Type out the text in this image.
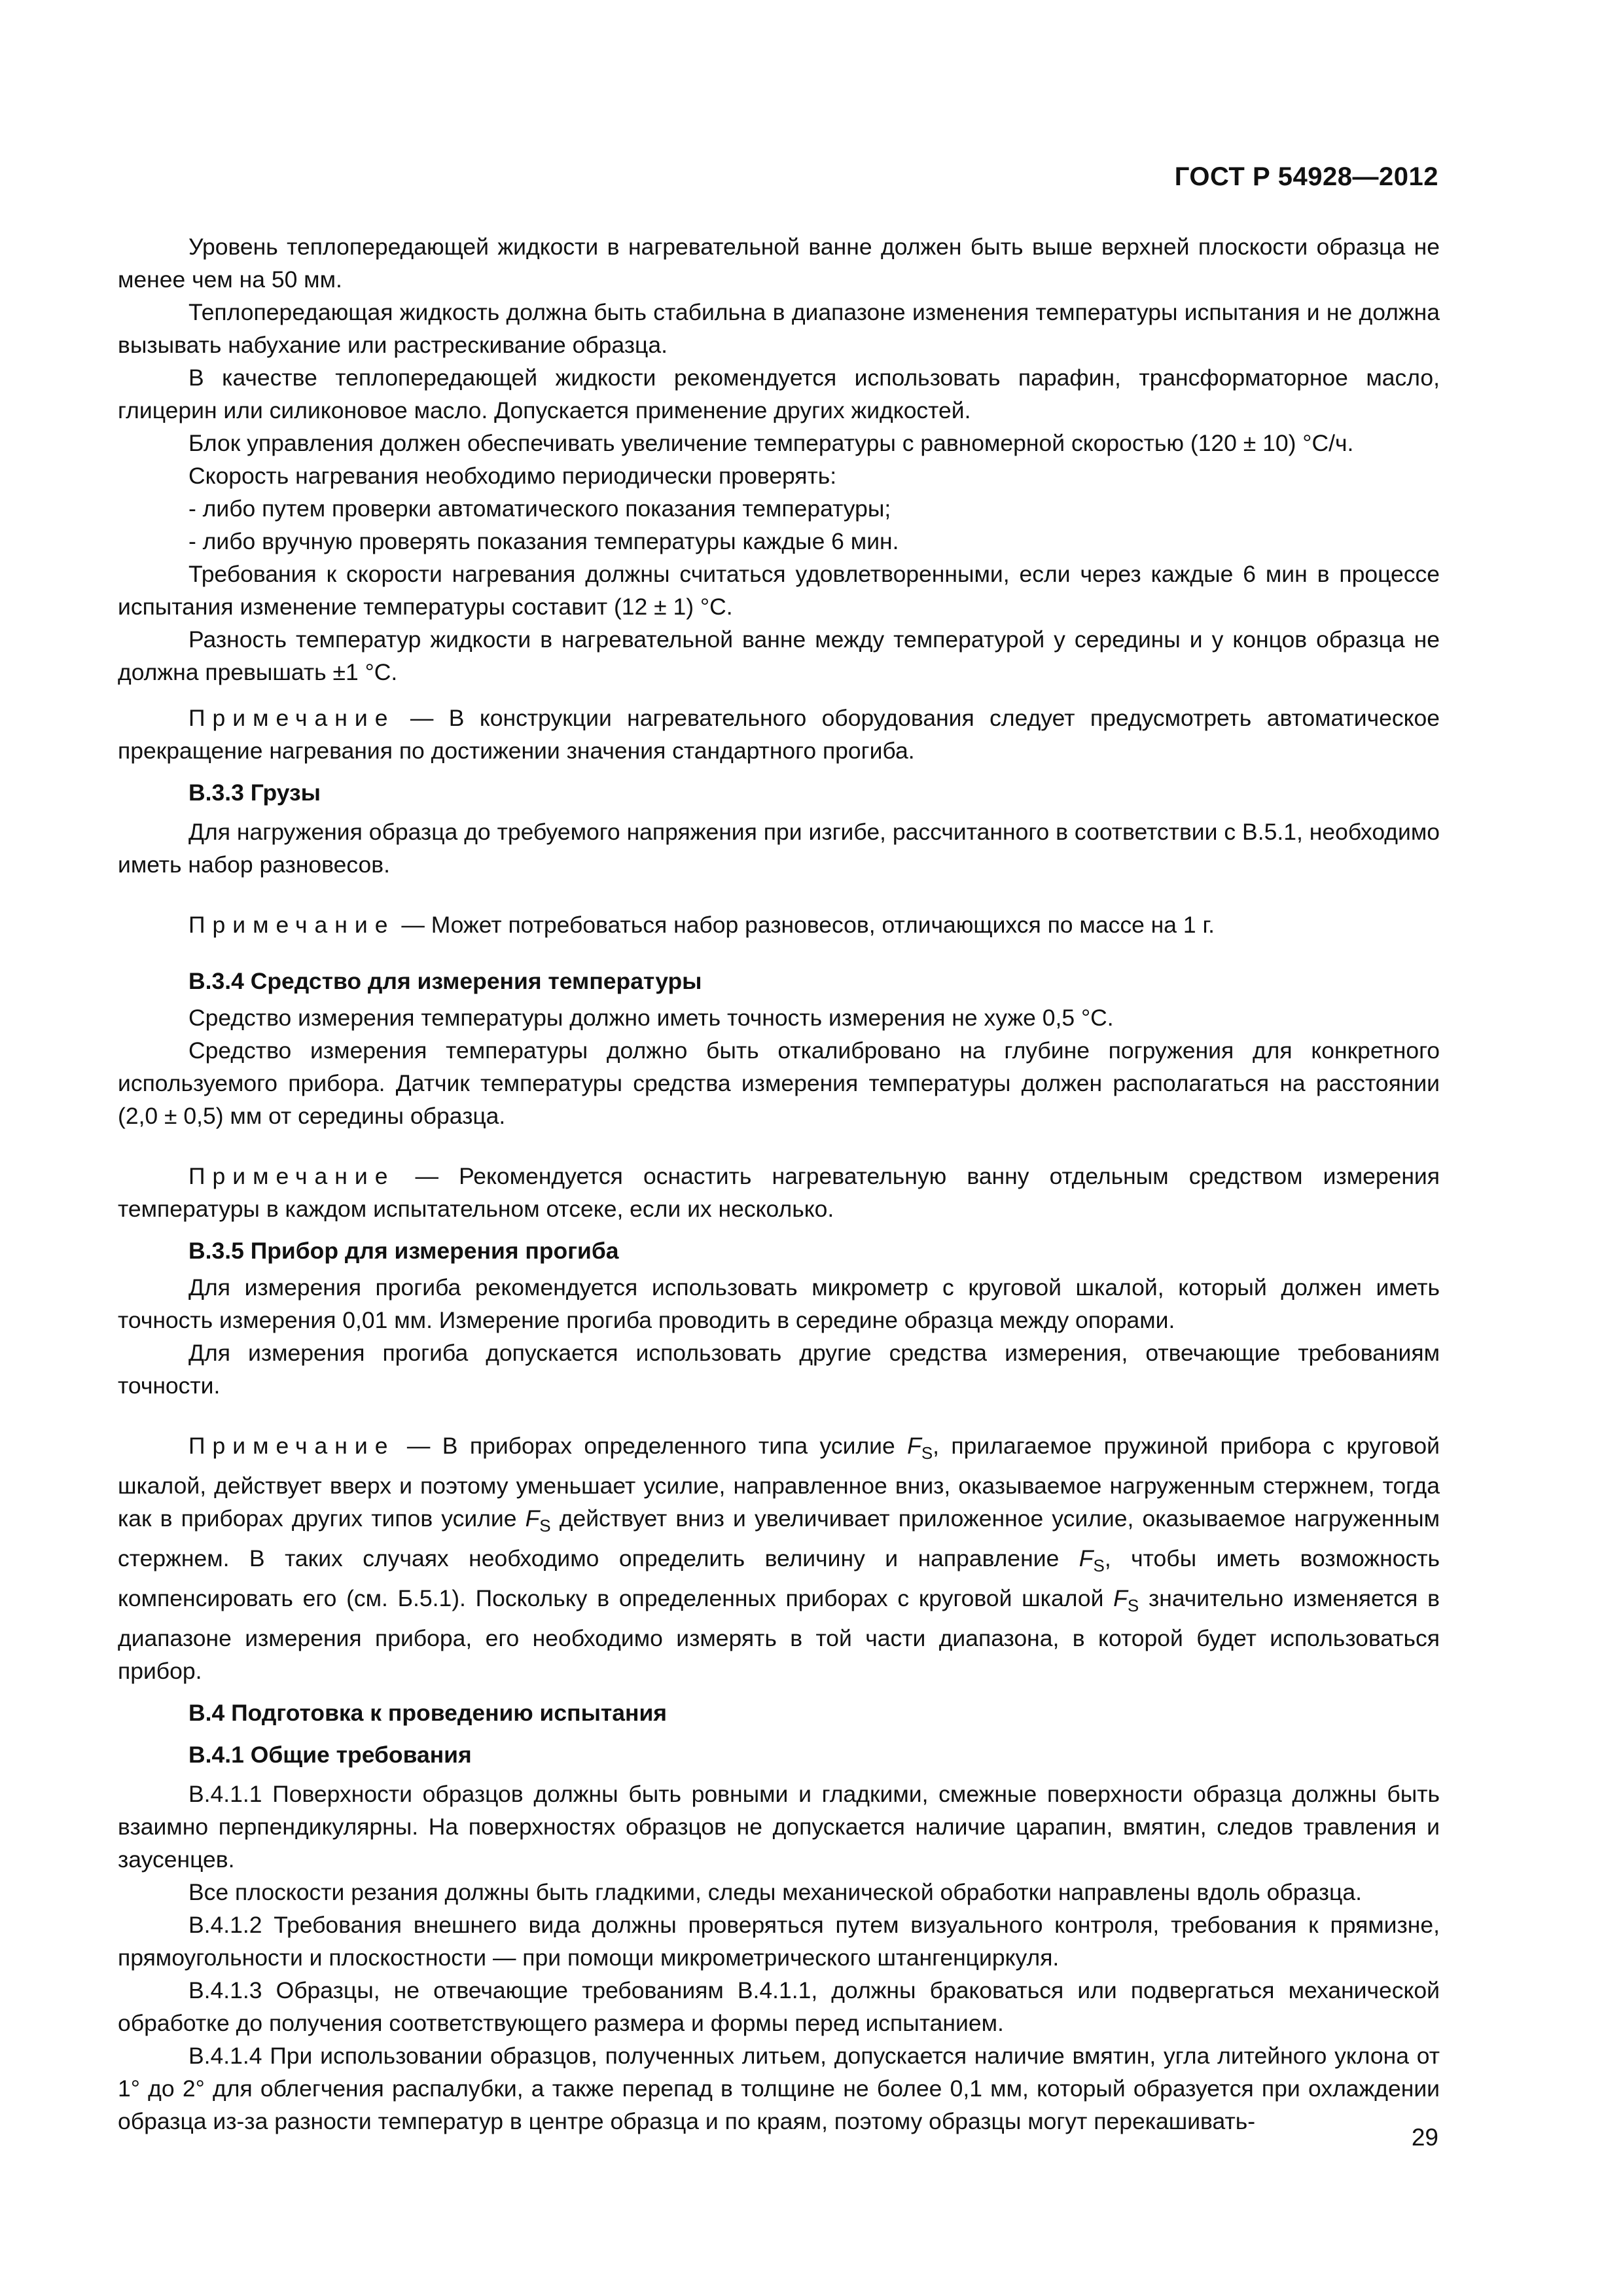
ГОСТ Р 54928—2012

Уровень теплопередающей жидкости в нагревательной ванне должен быть выше верхней плоскости образца не менее чем на 50 мм.

Теплопередающая жидкость должна быть стабильна в диапазоне изменения температуры испытания и не должна вызывать набухание или растрескивание образца.

В качестве теплопередающей жидкости рекомендуется использовать парафин, трансформаторное масло, глицерин или силиконовое масло. Допускается применение других жидкостей.

Блок управления должен обеспечивать увеличение температуры с равномерной скоростью (120 ± 10) °С/ч.

Скорость нагревания необходимо периодически проверять:

- либо путем проверки автоматического показания температуры;

- либо вручную проверять показания температуры каждые 6 мин.

Требования к скорости нагревания должны считаться удовлетворенными, если через каждые 6 мин в процессе испытания изменение температуры составит (12 ± 1) °С.

Разность температур жидкости в нагревательной ванне между температурой у середины и у концов образца не должна превышать ±1 °С.

Примечание — В конструкции нагревательного оборудования следует предусмотреть автоматическое прекращение нагревания по достижении значения стандартного прогиба.

В.3.3 Грузы

Для нагружения образца до требуемого напряжения при изгибе, рассчитанного в соответствии с В.5.1, необходимо иметь набор разновесов.

Примечание — Может потребоваться набор разновесов, отличающихся по массе на 1 г.

В.3.4 Средство для измерения температуры

Средство измерения температуры должно иметь точность измерения не хуже 0,5 °С.

Средство измерения температуры должно быть откалибровано на глубине погружения для конкретного используемого прибора. Датчик температуры средства измерения температуры должен располагаться на расстоянии (2,0 ± 0,5) мм от середины образца.

Примечание — Рекомендуется оснастить нагревательную ванну отдельным средством измерения температуры в каждом испытательном отсеке, если их несколько.

В.3.5 Прибор для измерения прогиба

Для измерения прогиба рекомендуется использовать микрометр с круговой шкалой, который должен иметь точность измерения 0,01 мм. Измерение прогиба проводить в середине образца между опорами.

Для измерения прогиба допускается использовать другие средства измерения, отвечающие требованиям точности.

Примечание — В приборах определенного типа усилие $F_S$, прилагаемое пружиной прибора с круговой шкалой, действует вверх и поэтому уменьшает усилие, направленное вниз, оказываемое нагруженным стержнем, тогда как в приборах других типов усилие $F_S$ действует вниз и увеличивает приложенное усилие, оказываемое нагруженным стержнем. В таких случаях необходимо определить величину и направление $F_S$, чтобы иметь возможность компенсировать его (см. Б.5.1). Поскольку в определенных приборах с круговой шкалой $F_S$ значительно изменяется в диапазоне измерения прибора, его необходимо измерять в той части диапазона, в которой будет использоваться прибор.

В.4 Подготовка к проведению испытания

В.4.1 Общие требования

В.4.1.1 Поверхности образцов должны быть ровными и гладкими, смежные поверхности образца должны быть взаимно перпендикулярны. На поверхностях образцов не допускается наличие царапин, вмятин, следов травления и заусенцев.

Все плоскости резания должны быть гладкими, следы механической обработки направлены вдоль образца.

В.4.1.2 Требования внешнего вида должны проверяться путем визуального контроля, требования к прямизне, прямоугольности и плоскостности — при помощи микрометрического штангенциркуля.

В.4.1.3 Образцы, не отвечающие требованиям В.4.1.1, должны браковаться или подвергаться механической обработке до получения соответствующего размера и формы перед испытанием.

В.4.1.4 При использовании образцов, полученных литьем, допускается наличие вмятин, угла литейного уклона от 1° до 2° для облегчения распалубки, а также перепад в толщине не более 0,1 мм, который образуется при охлаждении образца из-за разности температур в центре образца и по краям, поэтому образцы могут перекашивать-

29
